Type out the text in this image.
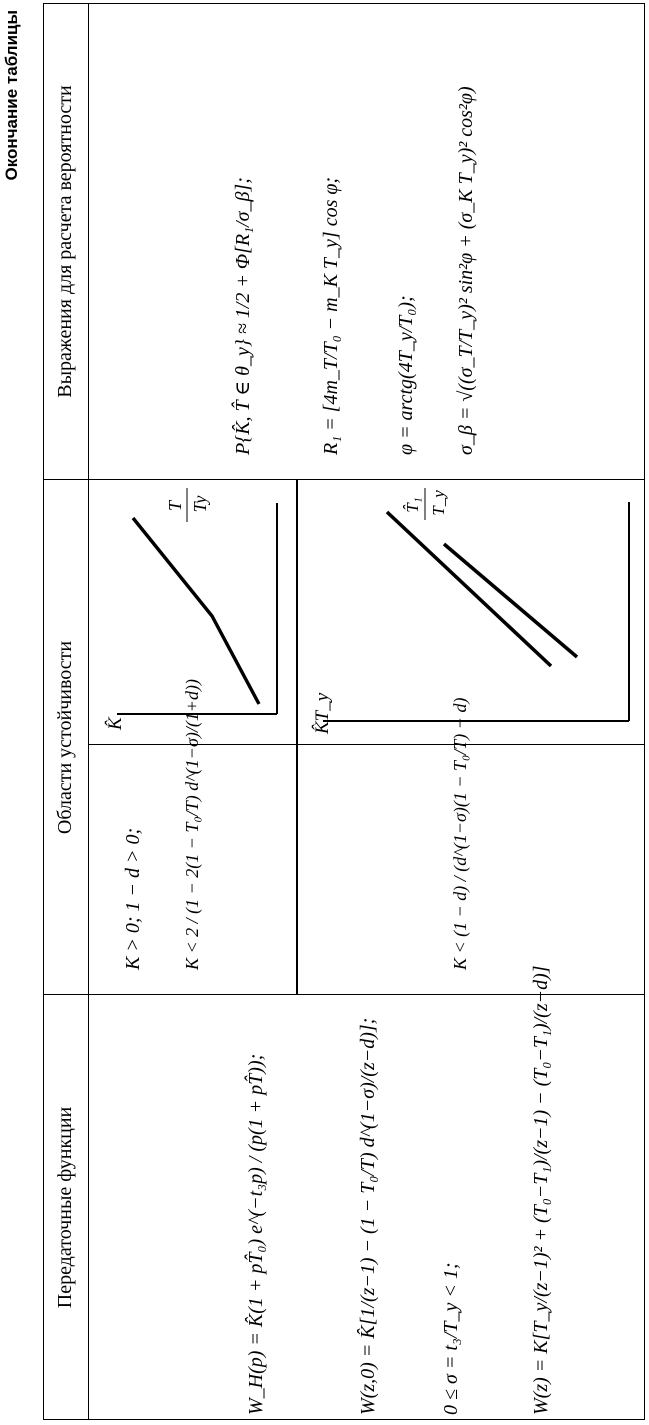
Окончание таблицы
Передаточные функции
Области устойчивости
Выражения для расчета вероятности
W_H(p) = K̂(1 + pT̂₀) e^(−t₃p) / (p(1 + pT̂));	W(z,0) = K̂[1/(z−1) − (1 − T₀/T) d^(1−σ)/(z−d)];	0 ≤ σ = t₃/T_y < 1;	W(z) = K[T_y/(z−1)² + (T₀−T₁)/(z−1) − (T₀−T₁)/(z−d)]
K > 0; 1 − d > 0; K < 2 / (1 − 2(1 − T₀/T) d^(1−σ)/(1+d))	K < (1 − d) / (d^(1−σ)(1 − T₀/T) − d)
K̂
T Ty
K̂T_y
T̂₁ T_y
P{K̂, T̂ ∈ θ_y} ≈ 1/2 + Φ[R₁/σ_β];	R₁ = [4m_T/T₀ − m_K T_y] cos φ;	φ = arctg(4T_y/T₀); σ_β = √((σ_T/T_y)² sin²φ + (σ_K T_y)² cos²φ)
